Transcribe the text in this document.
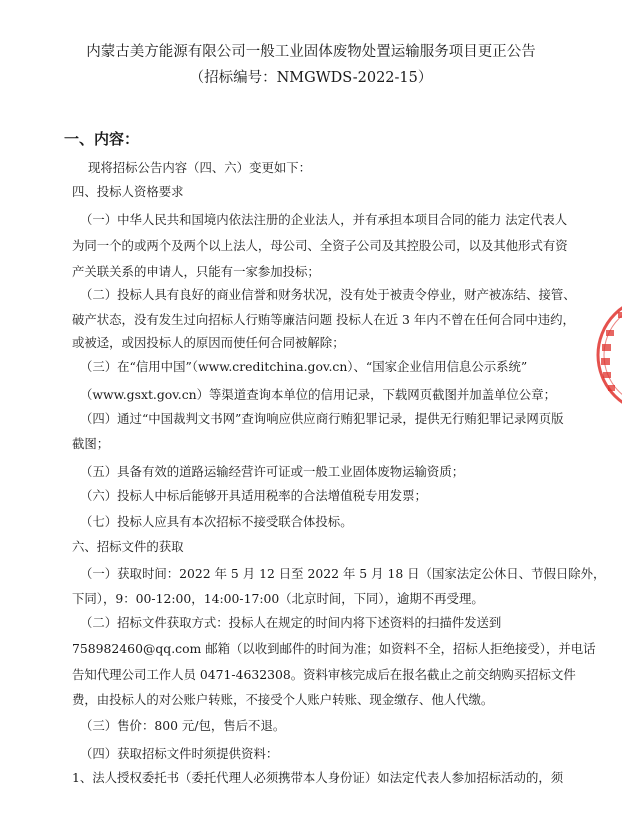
内蒙古美方能源有限公司一般工业固体废物处置运输服务项目更正公告
（招标编号：NMGWDS-2022-15）
一、内容：
现将招标公告内容（四、六）变更如下：
四、投标人资格要求
（一）中华人民共和国境内依法注册的企业法人，并有承担本项目合同的能力 法定代表人
为同一个的或两个及两个以上法人，母公司、全资子公司及其控股公司，以及其他形式有资
产关联关系的申请人，只能有一家参加投标；
（二）投标人具有良好的商业信誉和财务状况，没有处于被责令停业，财产被冻结、接管、
破产状态，没有发生过向招标人行贿等廉洁问题 投标人在近 3 年内不曾在任何合同中违约，
或被迳，或因投标人的原因而使任何合同被解除；
（三）在“信用中国”（www.creditchina.gov.cn）、“国家企业信用信息公示系统”
（www.gsxt.gov.cn）等渠道查询本单位的信用记录，下载网页截图并加盖单位公章；
（四）通过“中国裁判文书网”查询响应供应商行贿犯罪记录，提供无行贿犯罪记录网页版
截图；
（五）具备有效的道路运输经营许可证或一般工业固体废物运输资质；
（六）投标人中标后能够开具适用税率的合法增值税专用发票；
（七）投标人应具有本次招标不接受联合体投标。
六、招标文件的获取
（一）获取时间：2022 年 5 月 12 日至 2022 年 5 月 18 日（国家法定公休日、节假日除外，
下同），9：00-12:00，14:00-17:00（北京时间，下同），逾期不再受理。
（二）招标文件获取方式：投标人在规定的时间内将下述资料的扫描件发送到
758982460@qq.com 邮箱（以收到邮件的时间为准；如资料不全，招标人拒绝接受），并电话
告知代理公司工作人员 0471-4632308。资料审核完成后在报名截止之前交纳购买招标文件
费，由投标人的对公账户转账，不接受个人账户转账、现金缴存、他人代缴。
（三）售价：800 元/包，售后不退。
（四）获取招标文件时须提供资料：
1、法人授权委托书（委托代理人必须携带本人身份证）如法定代表人参加招标活动的，须
